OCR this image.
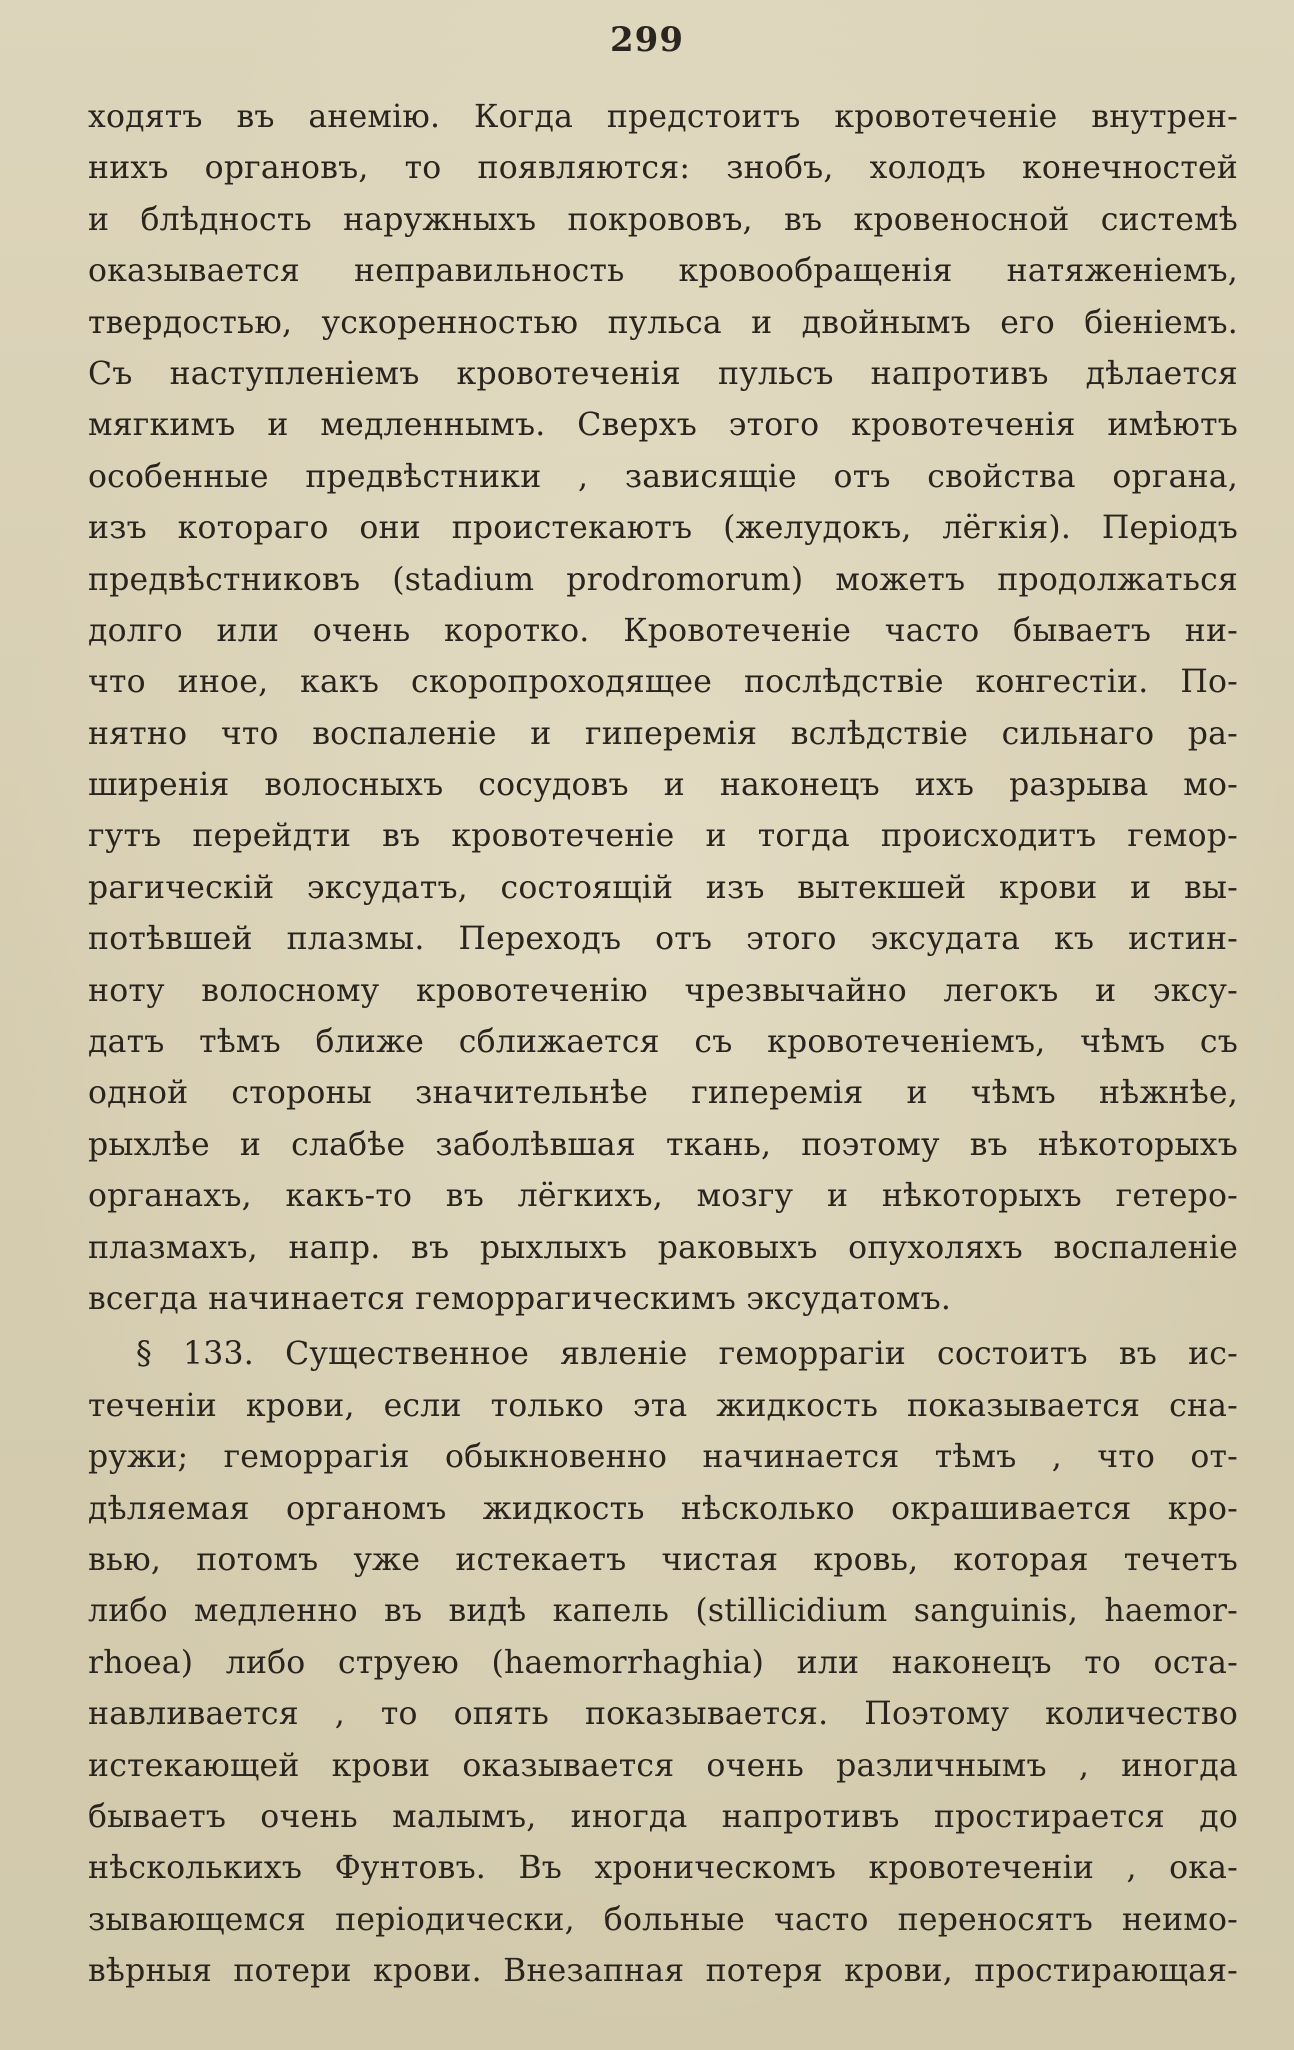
299
ходятъ въ анемію. Когда предстоитъ кровотеченіе внутрен-
нихъ органовъ, то появляются: знобъ, холодъ конечностей
и блѣдность наружныхъ покрововъ, въ кровеносной системѣ
оказывается неправильность кровообращенія натяженіемъ,
твердостью, ускоренностью пульса и двойнымъ его біеніемъ.
Съ наступленіемъ кровотеченія пульсъ напротивъ дѣлается
мягкимъ и медленнымъ. Сверхъ этого кровотеченія имѣютъ
особенные предвѣстники , зависящіе отъ свойства органа,
изъ котораго они проистекаютъ (желудокъ, лёгкія). Періодъ
предвѣстниковъ (stadium prodromorum) можетъ продолжаться
долго или очень коротко. Кровотеченіе часто бываетъ ни-
что иное, какъ скоропроходящее послѣдствіе конгестіи. По-
нятно что воспаленіе и гиперемія вслѣдствіе сильнаго ра-
ширенія волосныхъ сосудовъ и наконецъ ихъ разрыва мо-
гутъ перейдти въ кровотеченіе и тогда происходитъ гемор-
рагическій эксудатъ, состоящій изъ вытекшей крови и вы-
потѣвшей плазмы. Переходъ отъ этого эксудата къ истин-
ноту волосному кровотеченію чрезвычайно легокъ и эксу-
датъ тѣмъ ближе сближается съ кровотеченіемъ, чѣмъ съ
одной стороны значительнѣе гиперемія и чѣмъ нѣжнѣе,
рыхлѣе и слабѣе заболѣвшая ткань, поэтому въ нѣкоторыхъ
органахъ, какъ-то въ лёгкихъ, мозгу и нѣкоторыхъ гетеро-
плазмахъ, напр. въ рыхлыхъ раковыхъ опухоляхъ воспаленіе
всегда начинается геморрагическимъ эксудатомъ.
§ 133. Существенное явленіе геморрагіи состоитъ въ ис-
теченіи крови, если только эта жидкость показывается сна-
ружи; геморрагія обыкновенно начинается тѣмъ , что от-
дѣляемая органомъ жидкость нѣсколько окрашивается кро-
вью, потомъ уже истекаетъ чистая кровь, которая течетъ
либо медленно въ видѣ капель (stillicidium sanguinis, haemor-
rhoea) либо струею (haemorrhaghia) или наконецъ то оста-
навливается , то опять показывается. Поэтому количество
истекающей крови оказывается очень различнымъ , иногда
бываетъ очень малымъ, иногда напротивъ простирается до
нѣсколькихъ Фунтовъ. Въ хроническомъ кровотеченіи , ока-
зывающемся періодически, больные часто переносятъ неимо-
вѣрныя потери крови. Внезапная потеря крови, простирающая-
